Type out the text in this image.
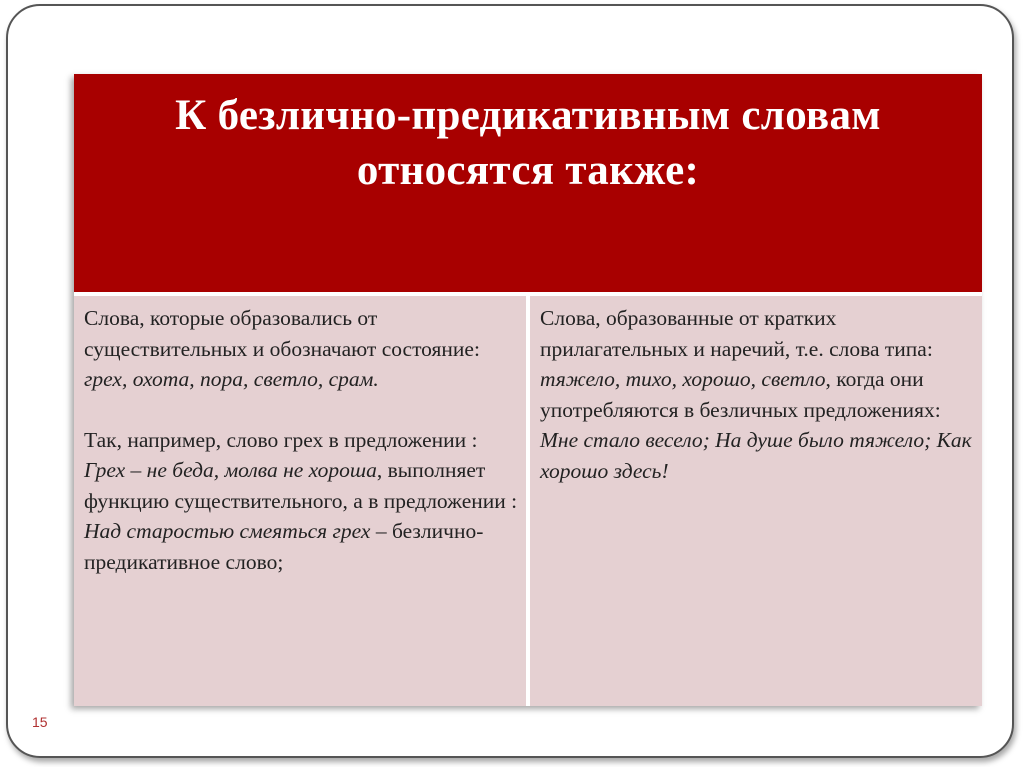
К безлично-предикативным словам
относятся также:

Слова, которые образовались от существительных и обозначают состояние: грех, охота, пора, светло, срам.

Так, например, слово грех в предложении : Грех – не беда, молва не хороша, выполняет функцию существительного, а в предложении : Над старостью смеяться грех – безлично-предикативное слово;

Слова, образованные от кратких прилагательных и наречий, т.е. слова типа: тяжело, тихо, хорошо, светло, когда они употребляются в безличных предложениях: Мне стало весело; На душе было тяжело; Как хорошо здесь!

15
